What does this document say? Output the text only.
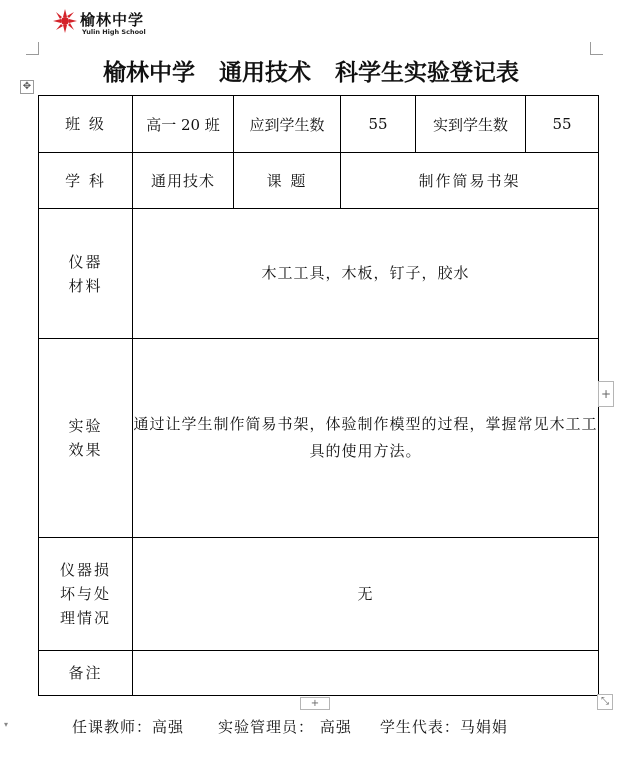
榆林中学
Yulin High School
榆林中学   通用技术   科学生实验登记表
✥
班 级	高一 20 班	应到学生数	55	实到学生数	55
学 科	通用技术	课 题	制作简易书架		

仪器
材料	木工工具，木板，钉子，胶水				

实验
效果	通过让学生制作简易书架，体验制作模型的过程，掌握常见木工工具的使用方法。				

仪器损
坏与处
理情况	无				
备注					
+
+	⤡
▾	任课教师：高强 实验管理员： 高强 学生代表：马娟娟
